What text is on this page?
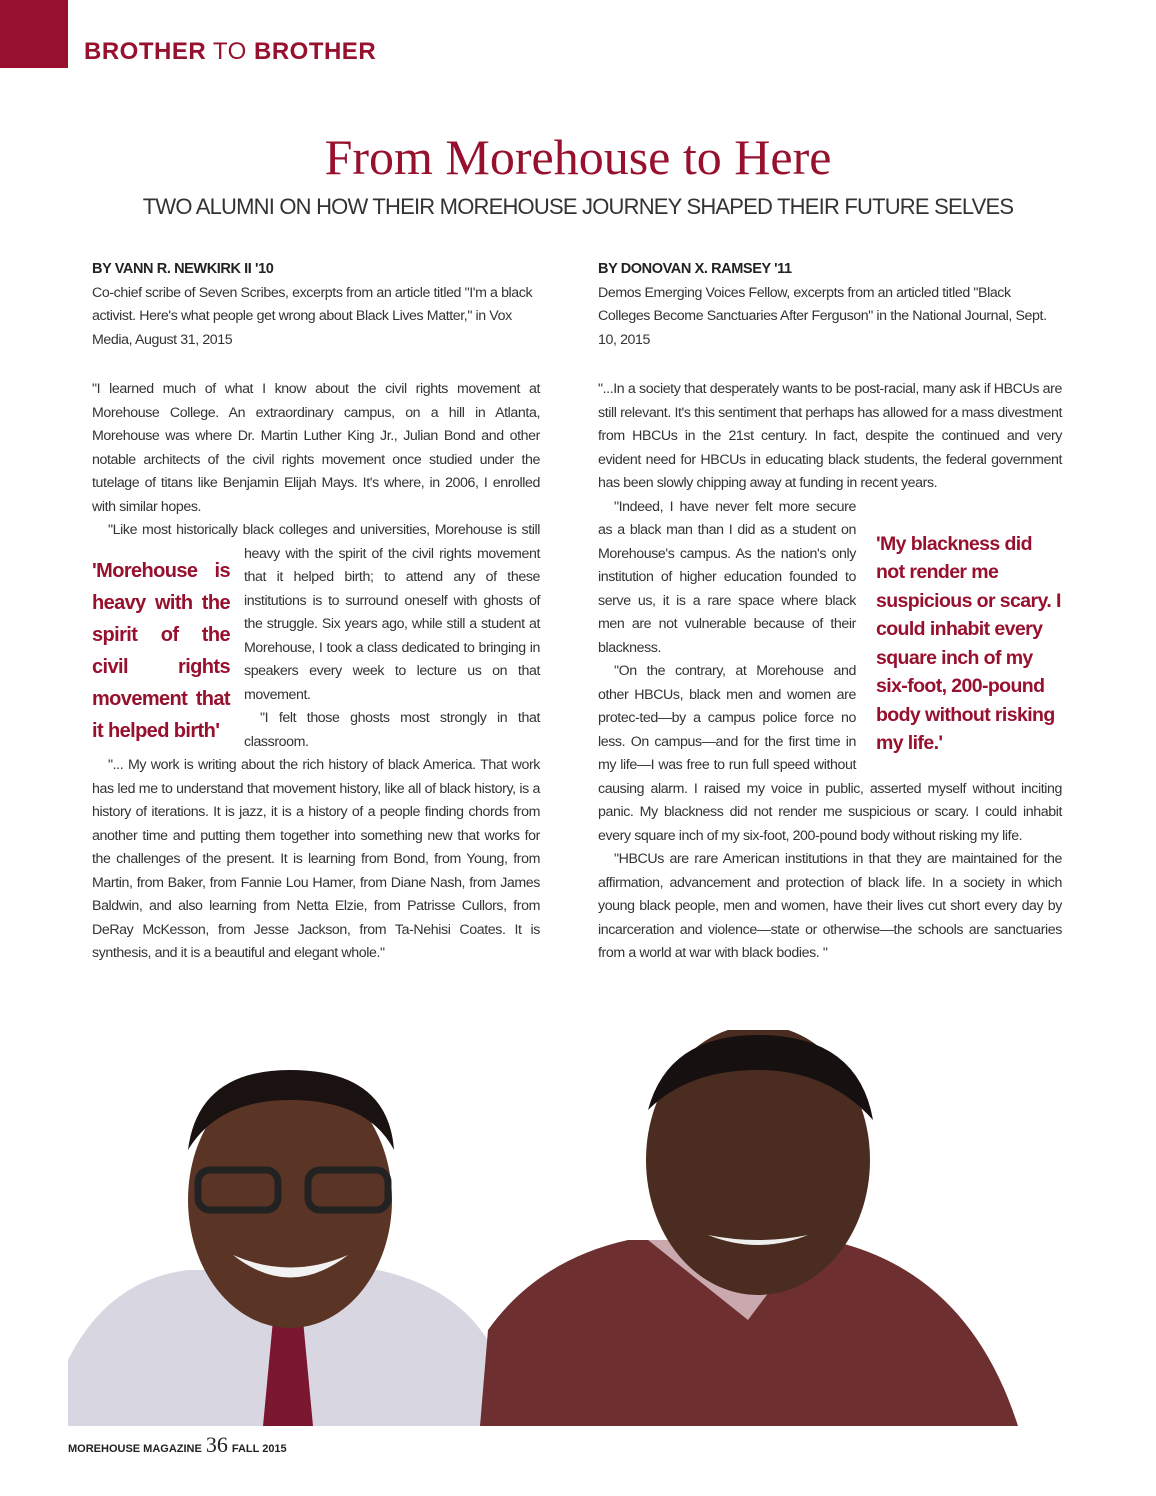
BROTHER TO BROTHER
From Morehouse to Here
TWO ALUMNI ON HOW THEIR MOREHOUSE JOURNEY SHAPED THEIR FUTURE SELVES

BY VANN R. NEWKIRK II '10

Co-chief scribe of Seven Scribes, excerpts from an article titled "I'm a black activist. Here's what people get wrong about Black Lives Matter," in Vox Media, August 31, 2015

"I learned much of what I know about the civil rights movement at Morehouse College. An extraordinary campus, on a hill in Atlanta, Morehouse was where Dr. Martin Luther King Jr., Julian Bond and other notable architects of the civil rights movement once studied under the tutelage of titans like Benjamin Elijah Mays. It's where, in 2006, I enrolled with similar hopes.

"Like most historically black colleges and universities, Morehouse is still heavy
'Morehouse is heavy with the spirit of the civil rights movement that it helped birth'
with the spirit of the civil rights movement that it helped birth; to attend any of these institutions is to surround oneself with ghosts of the struggle. Six years ago, while still a student at Morehouse, I took a class dedicated to bringing in speakers every week to lecture us on that movement.

"I felt those ghosts most strongly in that classroom.

"... My work is writing about the rich history of black America. That work has led me to understand that movement history, like all of black history, is a history of iterations. It is jazz, it is a history of a people finding chords from another time and putting them together into something new that works for the challenges of the present. It is learning from Bond, from Young, from Martin, from Baker, from Fannie Lou Hamer, from Diane Nash, from James Baldwin, and also learning from Netta Elzie, from Patrisse Cullors, from DeRay McKesson, from Jesse Jackson, from Ta-Nehisi Coates. It is synthesis, and it is a beautiful and elegant whole."

BY DONOVAN X. RAMSEY '11

Demos Emerging Voices Fellow, excerpts from an articled titled "Black Colleges Become Sanctuaries After Ferguson" in the National Journal, Sept. 10, 2015

"...In a society that desperately wants to be post-racial, many ask if HBCUs are still relevant. It's this sentiment that perhaps has allowed for a mass divestment from HBCUs in the 21st century. In fact, despite the continued and very evident need for HBCUs in educating black students, the federal government has been slowly chipping away at funding in recent years.

'My blackness did not render me suspicious or scary. I could inhabit every square inch of my six-foot, 200-pound body without risking my life.'

"Indeed, I have never felt more secure as a black man than I did as a student on Morehouse's campus. As the nation's only institution of higher education founded to serve us, it is a rare space where black men are not vulnerable because of their blackness.

"On the contrary, at Morehouse and other HBCUs, black men and women are protec-ted—by a campus police force no less. On campus—and for the first time in my life—I was free to run full speed without causing alarm. I raised my voice in public, asserted myself without inciting panic. My blackness did not render me suspicious or scary. I could inhabit every square inch of my six-foot, 200-pound body without risking my life.

"HBCUs are rare American institutions in that they are maintained for the affirmation, advancement and protection of black life. In a society in which young black people, men and women, have their lives cut short every day by incarceration and violence—state or otherwise—the schools are sanctuaries from a world at war with black bodies. "

MOREHOUSE MAGAZINE 36 FALL 2015
